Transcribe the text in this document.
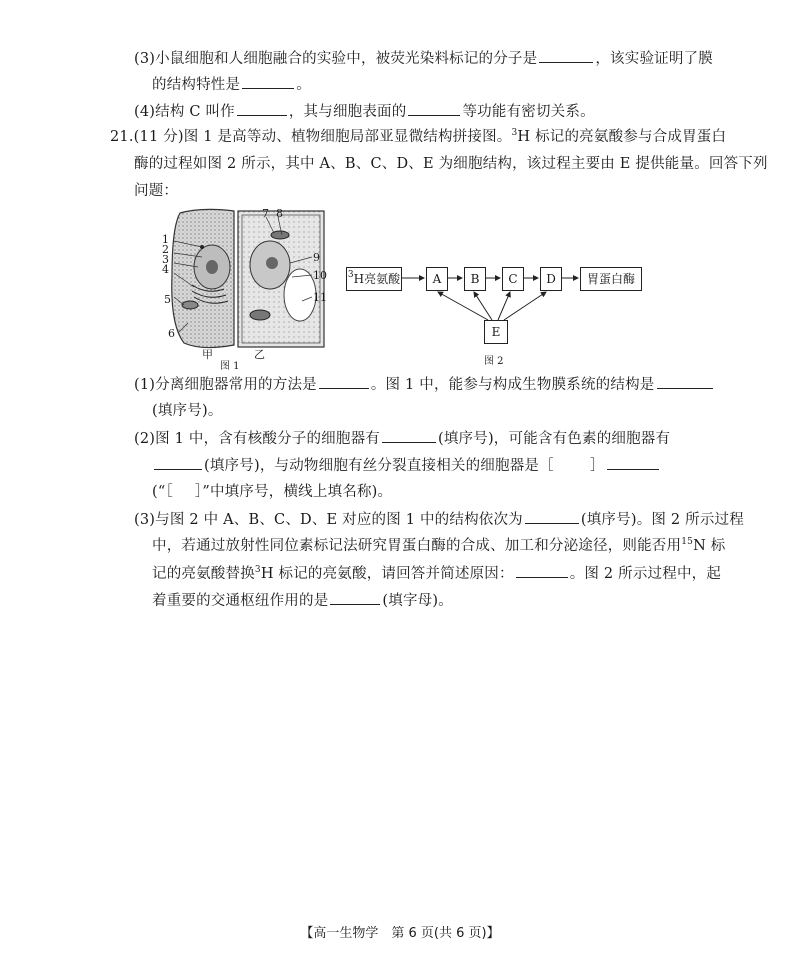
(3)小鼠细胞和人细胞融合的实验中，被荧光染料标记的分子是	，该实验证明了膜
的结构特性是	。
(4)结构 C 叫作	，其与细胞表面的	等功能有密切关系。
21.(11 分)图 1 是高等动、植物细胞局部亚显微结构拼接图。$^3$H 标记的亮氨酸参与合成胃蛋白
酶的过程如图 2 所示，其中 A、B、C、D、E 为细胞结构，该过程主要由 E 提供能量。回答下列
问题：
1
2
3
4
5
6
7 8
9
10
11
甲	乙
图 1
$^3$H亮氨酸	A	B	C	D	胃蛋白酶
E
图 2
(1)分离细胞器常用的方法是	。图 1 中，能参与构成生物膜系统的结构是
(填序号)。
(2)图 1 中，含有核酸分子的细胞器有	(填序号)，可能含有色素的细胞器有
(填序号)，与动物细胞有丝分裂直接相关的细胞器是［ ］
(“［ ］”中填序号，横线上填名称)。
(3)与图 2 中 A、B、C、D、E 对应的图 1 中的结构依次为	(填序号)。图 2 所示过程
中，若通过放射性同位素标记法研究胃蛋白酶的合成、加工和分泌途径，则能否用$^{15}$N 标
记的亮氨酸替换$^3$H 标记的亮氨酸，请回答并简述原因：	。图 2 所示过程中，起
着重要的交通枢纽作用的是	(填字母)。
【高一生物学　第 6 页(共 6 页)】
